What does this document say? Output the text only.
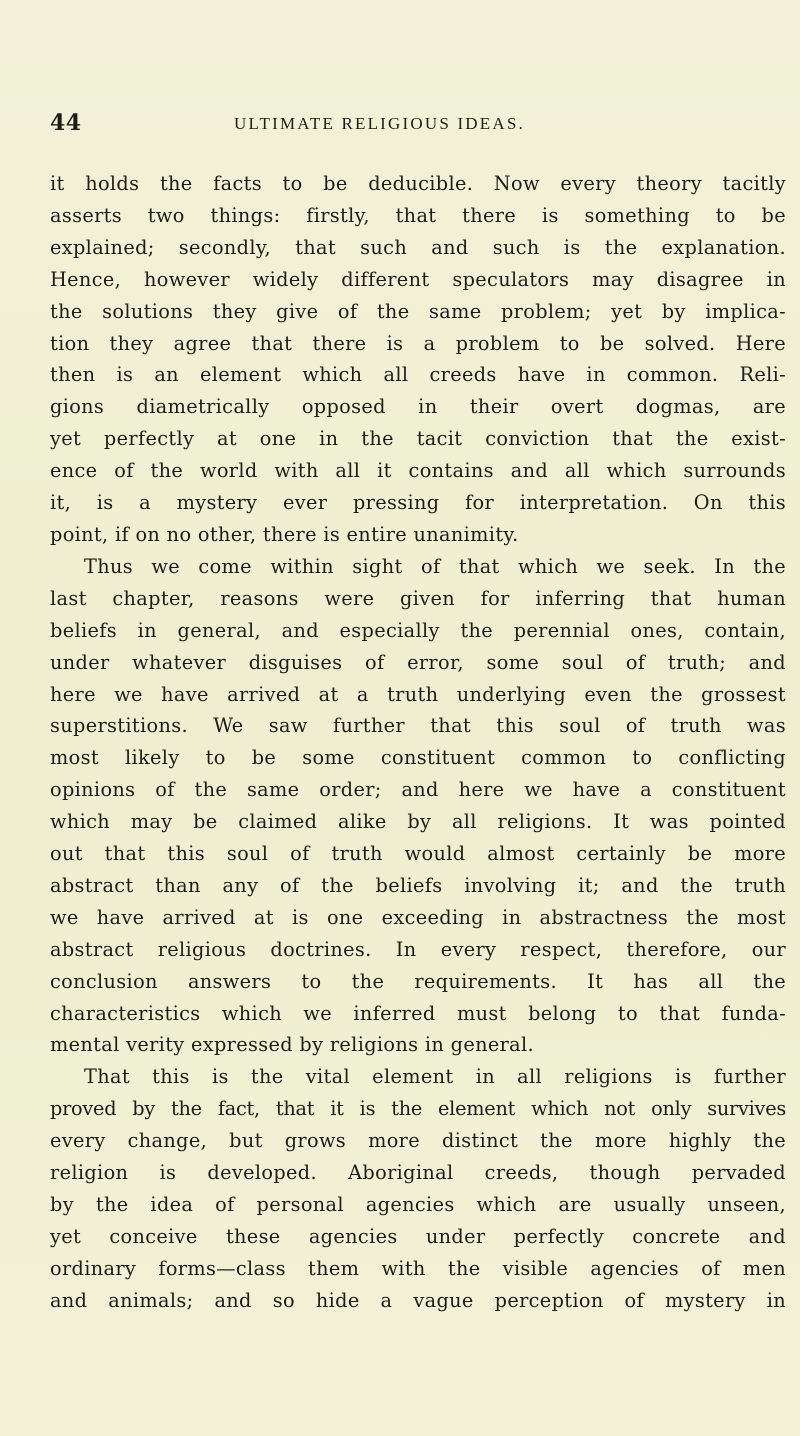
44	ULTIMATE RELIGIOUS IDEAS.
it holds the facts to be deducible. Now every theory tacitly
asserts two things: firstly, that there is something to be
explained; secondly, that such and such is the explanation.
Hence, however widely different speculators may disagree in
the solutions they give of the same problem; yet by implica-
tion they agree that there is a problem to be solved. Here
then is an element which all creeds have in common. Reli-
gions diametrically opposed in their overt dogmas, are
yet perfectly at one in the tacit conviction that the exist-
ence of the world with all it contains and all which surrounds
it, is a mystery ever pressing for interpretation. On this
point, if on no other, there is entire unanimity.
Thus we come within sight of that which we seek. In the
last chapter, reasons were given for inferring that human
beliefs in general, and especially the perennial ones, contain,
under whatever disguises of error, some soul of truth; and
here we have arrived at a truth underlying even the grossest
superstitions. We saw further that this soul of truth was
most likely to be some constituent common to conflicting
opinions of the same order; and here we have a constituent
which may be claimed alike by all religions. It was pointed
out that this soul of truth would almost certainly be more
abstract than any of the beliefs involving it; and the truth
we have arrived at is one exceeding in abstractness the most
abstract religious doctrines. In every respect, therefore, our
conclusion answers to the requirements. It has all the
characteristics which we inferred must belong to that funda-
mental verity expressed by religions in general.
That this is the vital element in all religions is further
proved by the fact, that it is the element which not only survives
every change, but grows more distinct the more highly the
religion is developed. Aboriginal creeds, though pervaded
by the idea of personal agencies which are usually unseen,
yet conceive these agencies under perfectly concrete and
ordinary forms—class them with the visible agencies of men
and animals; and so hide a vague perception of mystery in
